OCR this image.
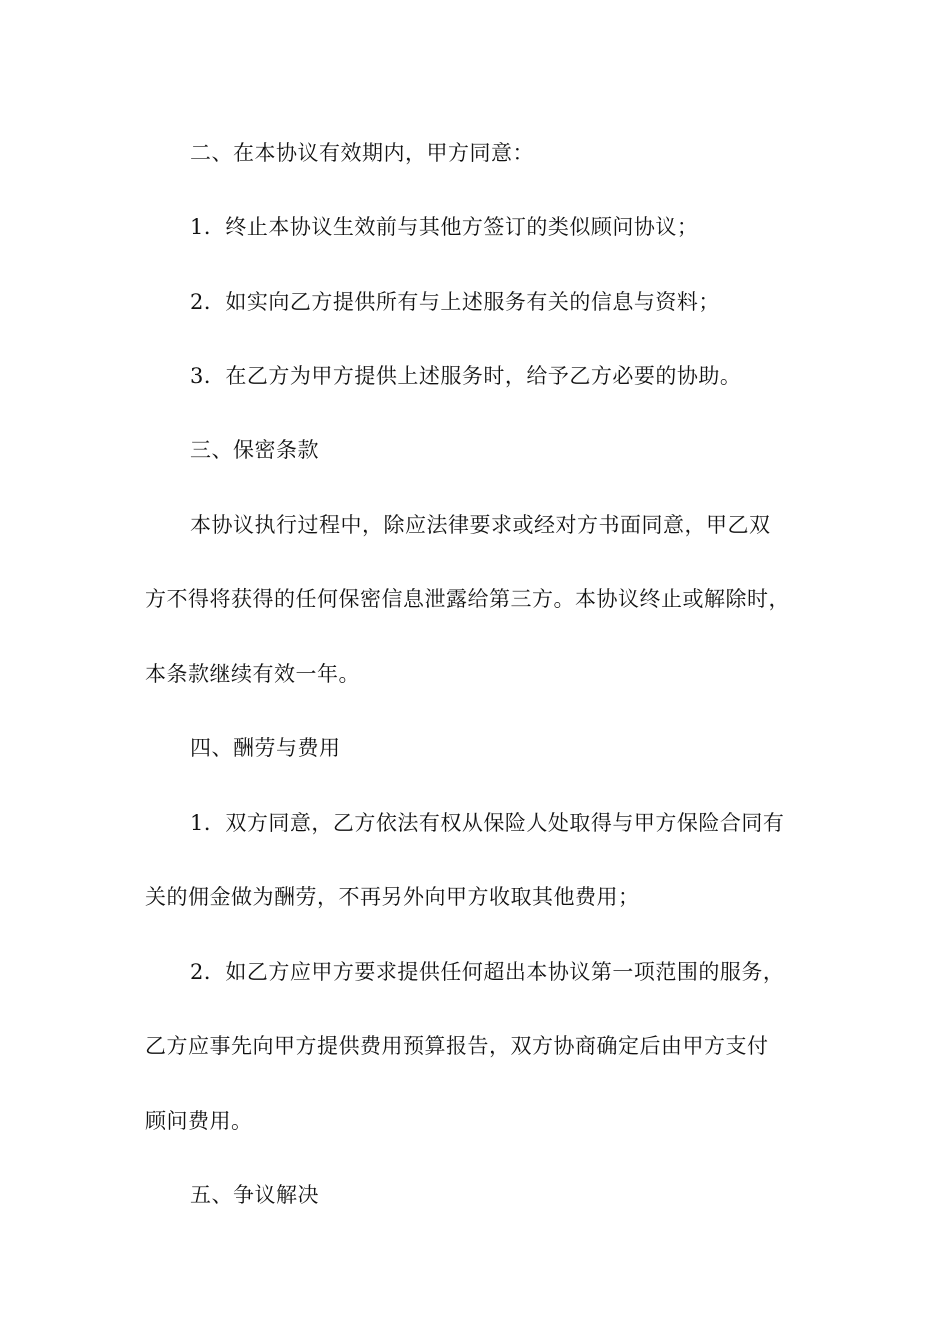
二、在本协议有效期内，甲方同意：
1．终止本协议生效前与其他方签订的类似顾问协议；
2．如实向乙方提供所有与上述服务有关的信息与资料；
3．在乙方为甲方提供上述服务时，给予乙方必要的协助。
三、保密条款
本协议执行过程中，除应法律要求或经对方书面同意，甲乙双
方不得将获得的任何保密信息泄露给第三方。本协议终止或解除时，
本条款继续有效一年。
四、酬劳与费用
1．双方同意，乙方依法有权从保险人处取得与甲方保险合同有
关的佣金做为酬劳，不再另外向甲方收取其他费用；
2．如乙方应甲方要求提供任何超出本协议第一项范围的服务，
乙方应事先向甲方提供费用预算报告，双方协商确定后由甲方支付
顾问费用。
五、争议解决
